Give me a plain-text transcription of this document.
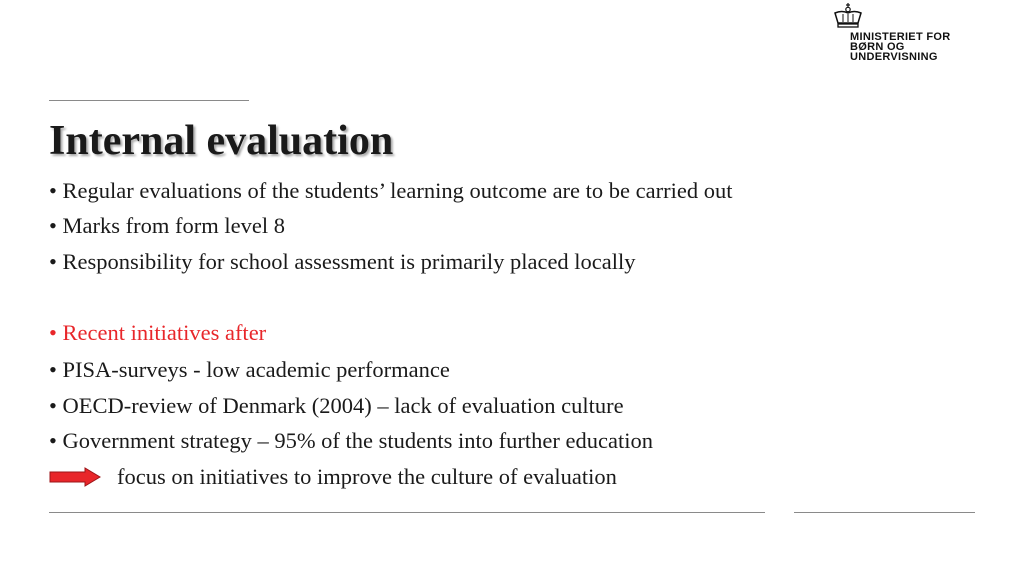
MINISTERIET FOR
BØRN OG
UNDERVISNING
Internal evaluation
• Regular evaluations of the students’ learning outcome are to be carried out
• Marks from form level 8
• Responsibility for school assessment is primarily placed locally
• Recent initiatives after
• PISA-surveys - low academic performance
• OECD-review of Denmark (2004) – lack of evaluation culture
• Government strategy – 95% of the students into further education
focus on initiatives to improve the culture of evaluation
